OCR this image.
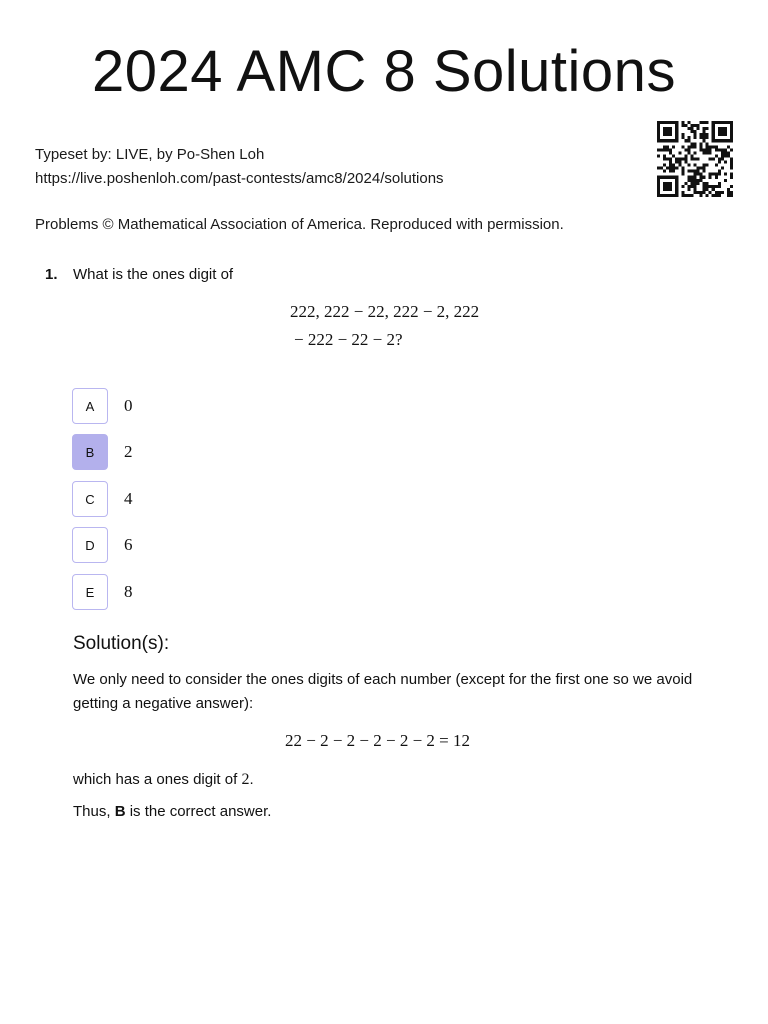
2024 AMC 8 Solutions
Typeset by: LIVE, by Po-Shen Loh
https://live.poshenloh.com/past-contests/amc8/2024/solutions
Problems © Mathematical Association of America. Reproduced with permission.
1. What is the ones digit of
222, 222 − 22, 222 − 2, 222
− 222 − 22 − 2?
A	0
B	2
C	4
D	6
E	8
Solution(s):

We only need to consider the ones digits of each number (except for the first one so we avoid getting a negative answer):

22 − 2 − 2 − 2 − 2 − 2 = 12

which has a ones digit of 2.

Thus, B is the correct answer.
